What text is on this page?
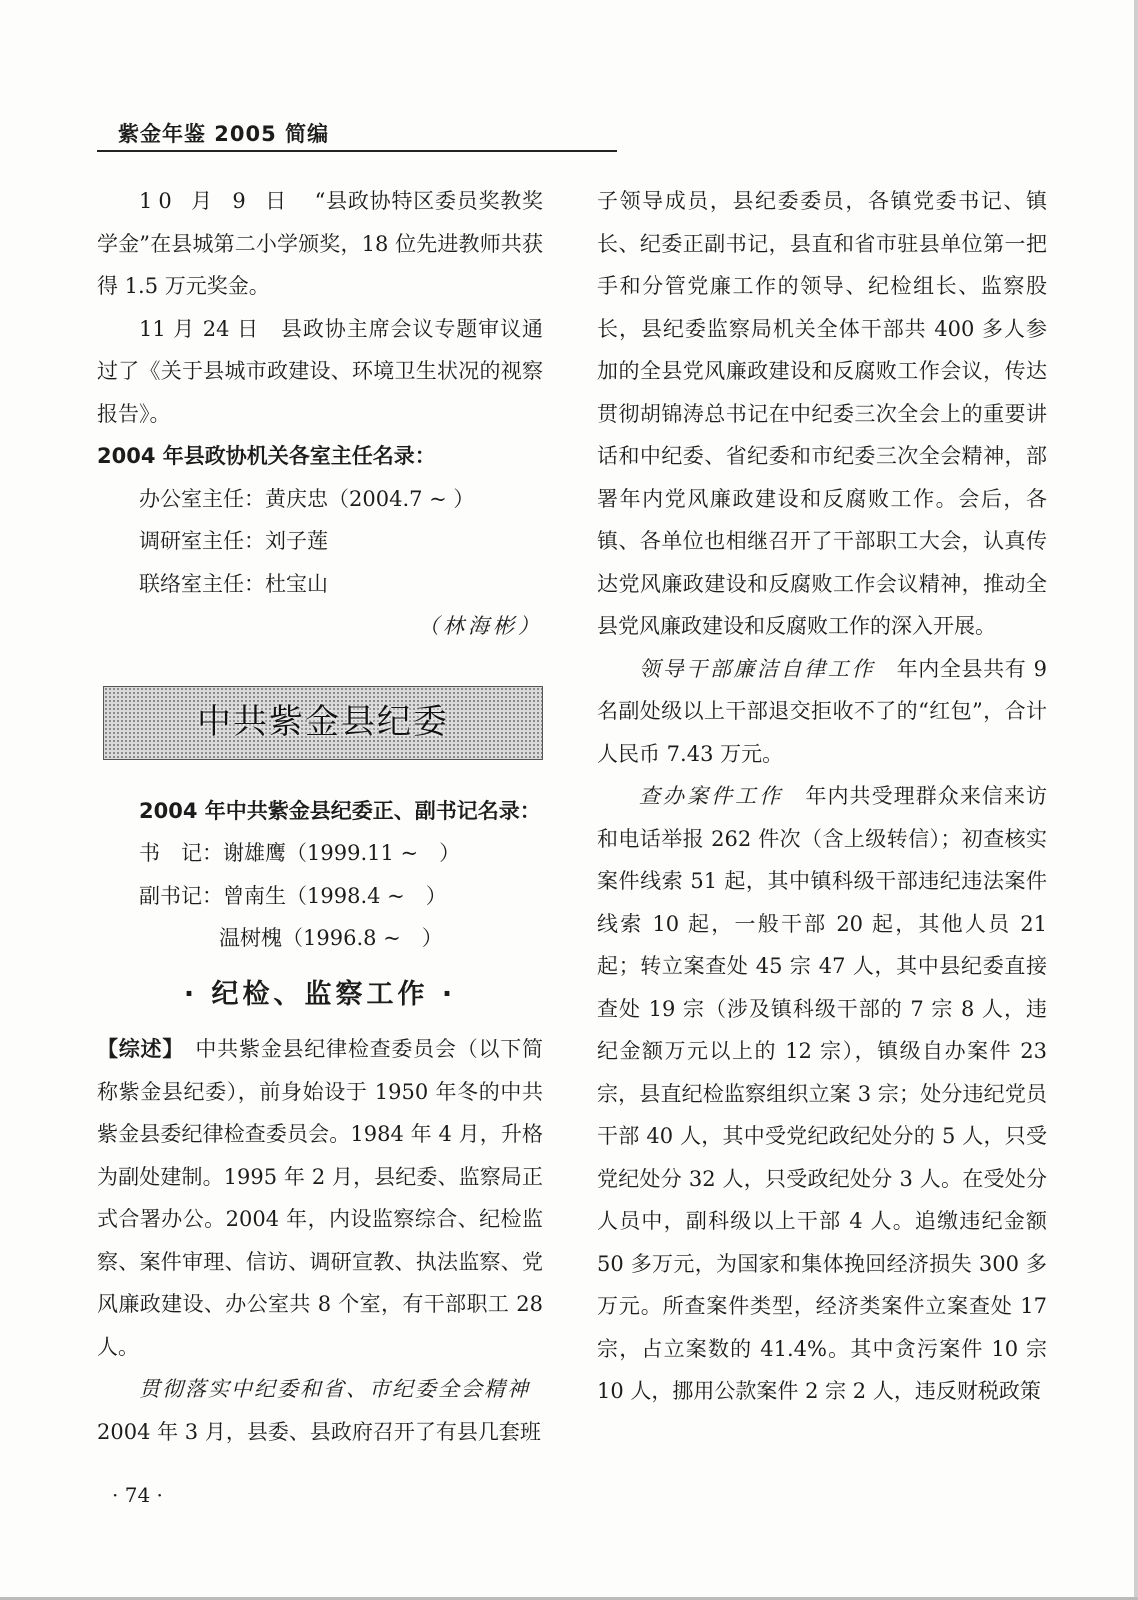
紫金年鉴 2005 简编

10 月 9 日　 “县政协特区委员奖教奖学金”在县城第二小学颁奖，18 位先进教师共获得 1.5 万元奖金。

11 月 24 日　 县政协主席会议专题审议通过了《关于县城市政建设、环境卫生状况的视察报告》。

2004 年县政协机关各室主任名录：

办公室主任：黄庆忠（2004.7 ~ ）

调研室主任：刘子莲

联络室主任：杜宝山

（林海彬）

中共紫金县纪委

2004 年中共紫金县纪委正、副书记名录：

书　记：谢雄鹰（1999.11 ~　）

副书记：曾南生（1998.4 ~　）

温树槐（1996.8 ~　）

· 纪检、监察工作 ·

【综述】　 中共紫金县纪律检查委员会（以下简称紫金县纪委），前身始设于 1950 年冬的中共紫金县委纪律检查委员会。1984 年 4 月，升格为副处建制。1995 年 2 月，县纪委、监察局正式合署办公。2004 年，内设监察综合、纪检监察、案件审理、信访、调研宣教、执法监察、党风廉政建设、办公室共 8 个室，有干部职工 28 人。

贯彻落实中纪委和省、市纪委全会精神

2004 年 3 月，县委、县政府召开了有县几套班

子领导成员，县纪委委员，各镇党委书记、镇长、纪委正副书记，县直和省市驻县单位第一把手和分管党廉工作的领导、纪检组长、监察股长，县纪委监察局机关全体干部共 400 多人参加的全县党风廉政建设和反腐败工作会议，传达贯彻胡锦涛总书记在中纪委三次全会上的重要讲话和中纪委、省纪委和市纪委三次全会精神，部署年内党风廉政建设和反腐败工作。会后，各镇、各单位也相继召开了干部职工大会，认真传达党风廉政建设和反腐败工作会议精神，推动全县党风廉政建设和反腐败工作的深入开展。

领导干部廉洁自律工作　 年内全县共有 9 名副处级以上干部退交拒收不了的“红包”，合计人民币 7.43 万元。

查办案件工作　 年内共受理群众来信来访和电话举报 262 件次（含上级转信）；初查核实案件线索 51 起，其中镇科级干部违纪违法案件线索 10 起，一般干部 20 起，其他人员 21 起；转立案查处 45 宗 47 人，其中县纪委直接查处 19 宗（涉及镇科级干部的 7 宗 8 人，违纪金额万元以上的 12 宗），镇级自办案件 23 宗，县直纪检监察组织立案 3 宗；处分违纪党员干部 40 人，其中受党纪政纪处分的 5 人，只受党纪处分 32 人，只受政纪处分 3 人。在受处分人员中，副科级以上干部 4 人。追缴违纪金额 50 多万元，为国家和集体挽回经济损失 300 多万元。所查案件类型，经济类案件立案查处 17 宗，占立案数的 41.4%。其中贪污案件 10 宗 10 人，挪用公款案件 2 宗 2 人，违反财税政策

· 74 ·
